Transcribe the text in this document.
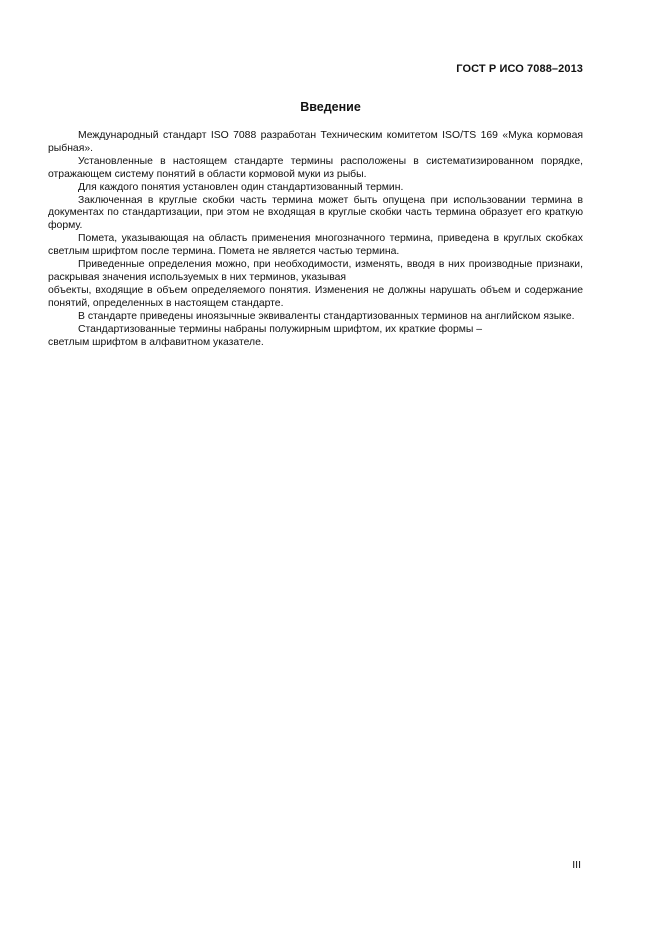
ГОСТ Р ИСО 7088–2013
Введение

Международный стандарт ISO 7088 разработан Техническим комитетом ISO/TS 169 «Мука кормовая рыбная».

Установленные в настоящем стандарте термины расположены в систематизированном порядке, отражающем систему понятий в области кормовой муки из рыбы.

Для каждого понятия установлен один стандартизованный термин.

Заключенная в круглые скобки часть термина может быть опущена при использовании термина в документах по стандартизации, при этом не входящая в круглые скобки часть термина образует его краткую форму.

Помета, указывающая на область применения многозначного термина, приведена в круглых скобках светлым шрифтом после термина. Помета не является частью термина.

Приведенные определения можно, при необходимости, изменять, вводя в них производные признаки, раскрывая значения используемых в них терминов, указывая

объекты, входящие в объем определяемого понятия. Изменения не должны нарушать объем и содержание понятий, определенных в настоящем стандарте.

В стандарте приведены иноязычные эквиваленты стандартизованных терминов на английском языке.

Стандартизованные термины набраны полужирным шрифтом, их краткие формы –

светлым шрифтом в алфавитном указателе.

III
